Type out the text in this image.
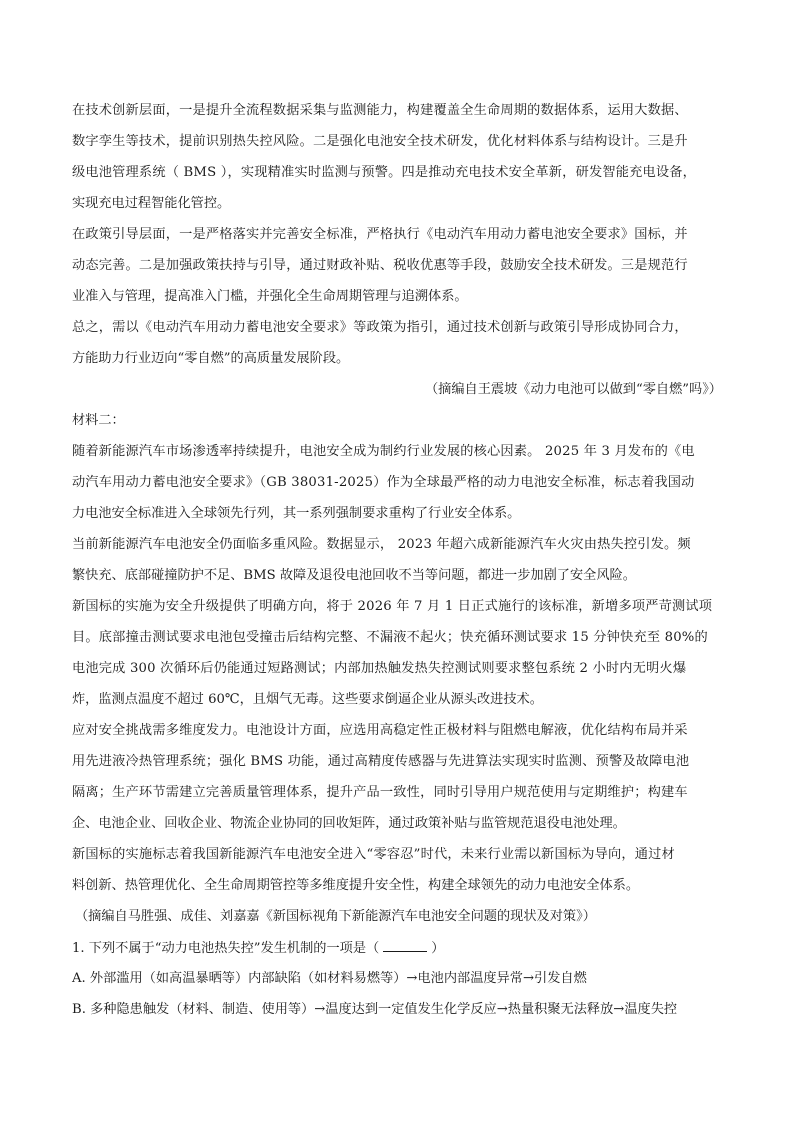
在技术创新层面，一是提升全流程数据采集与监测能力，构建覆盖全生命周期的数据体系，运用大数据、
数字孪生等技术，提前识别热失控风险。二是强化电池安全技术研发，优化材料体系与结构设计。三是升
级电池管理系统（ BMS ），实现精准实时监测与预警。四是推动充电技术安全革新，研发智能充电设备，
实现充电过程智能化管控。
在政策引导层面，一是严格落实并完善安全标准，严格执行《电动汽车用动力蓄电池安全要求》国标，并
动态完善。二是加强政策扶持与引导，通过财政补贴、税收优惠等手段，鼓励安全技术研发。三是规范行
业准入与管理，提高准入门槛，并强化全生命周期管理与追溯体系。
总之，需以《电动汽车用动力蓄电池安全要求》等政策为指引，通过技术创新与政策引导形成协同合力，
方能助力行业迈向“零自燃”的高质量发展阶段。
（摘编自王震坡《动力电池可以做到“零自燃”吗》）
材料二：
随着新能源汽车市场渗透率持续提升，电池安全成为制约行业发展的核心因素。 2025 年 3 月发布的《电
动汽车用动力蓄电池安全要求》（GB 38031-2025）作为全球最严格的动力电池安全标准，标志着我国动
力电池安全标准进入全球领先行列，其一系列强制要求重构了行业安全体系。
当前新能源汽车电池安全仍面临多重风险。数据显示， 2023 年超六成新能源汽车火灾由热失控引发。频
繁快充、底部碰撞防护不足、BMS 故障及退役电池回收不当等问题，都进一步加剧了安全风险。
新国标的实施为安全升级提供了明确方向，将于 2026 年 7 月 1 日正式施行的该标准，新增多项严苛测试项
目。底部撞击测试要求电池包受撞击后结构完整、不漏液不起火；快充循环测试要求 15 分钟快充至 80%的
电池完成 300 次循环后仍能通过短路测试；内部加热触发热失控测试则要求整包系统 2 小时内无明火爆
炸，监测点温度不超过 60℃，且烟气无毒。这些要求倒逼企业从源头改进技术。
应对安全挑战需多维度发力。电池设计方面，应选用高稳定性正极材料与阻燃电解液，优化结构布局并采
用先进液冷热管理系统；强化 BMS 功能，通过高精度传感器与先进算法实现实时监测、预警及故障电池
隔离；生产环节需建立完善质量管理体系，提升产品一致性，同时引导用户规范使用与定期维护；构建车
企、电池企业、回收企业、物流企业协同的回收矩阵，通过政策补贴与监管规范退役电池处理。
新国标的实施标志着我国新能源汽车电池安全进入“零容忍”时代，未来行业需以新国标为导向，通过材
料创新、热管理优化、全生命周期管控等多维度提升安全性，构建全球领先的动力电池安全体系。
（摘编自马胜强、成佳、刘嘉嘉《新国标视角下新能源汽车电池安全问题的现状及对策》）
1. 下列不属于“动力电池热失控”发生机制的一项是（	）
A. 外部滥用（如高温暴晒等）内部缺陷（如材料易燃等）→电池内部温度异常→引发自燃
B. 多种隐患触发（材料、制造、使用等）→温度达到一定值发生化学反应→热量积聚无法释放→温度失控
